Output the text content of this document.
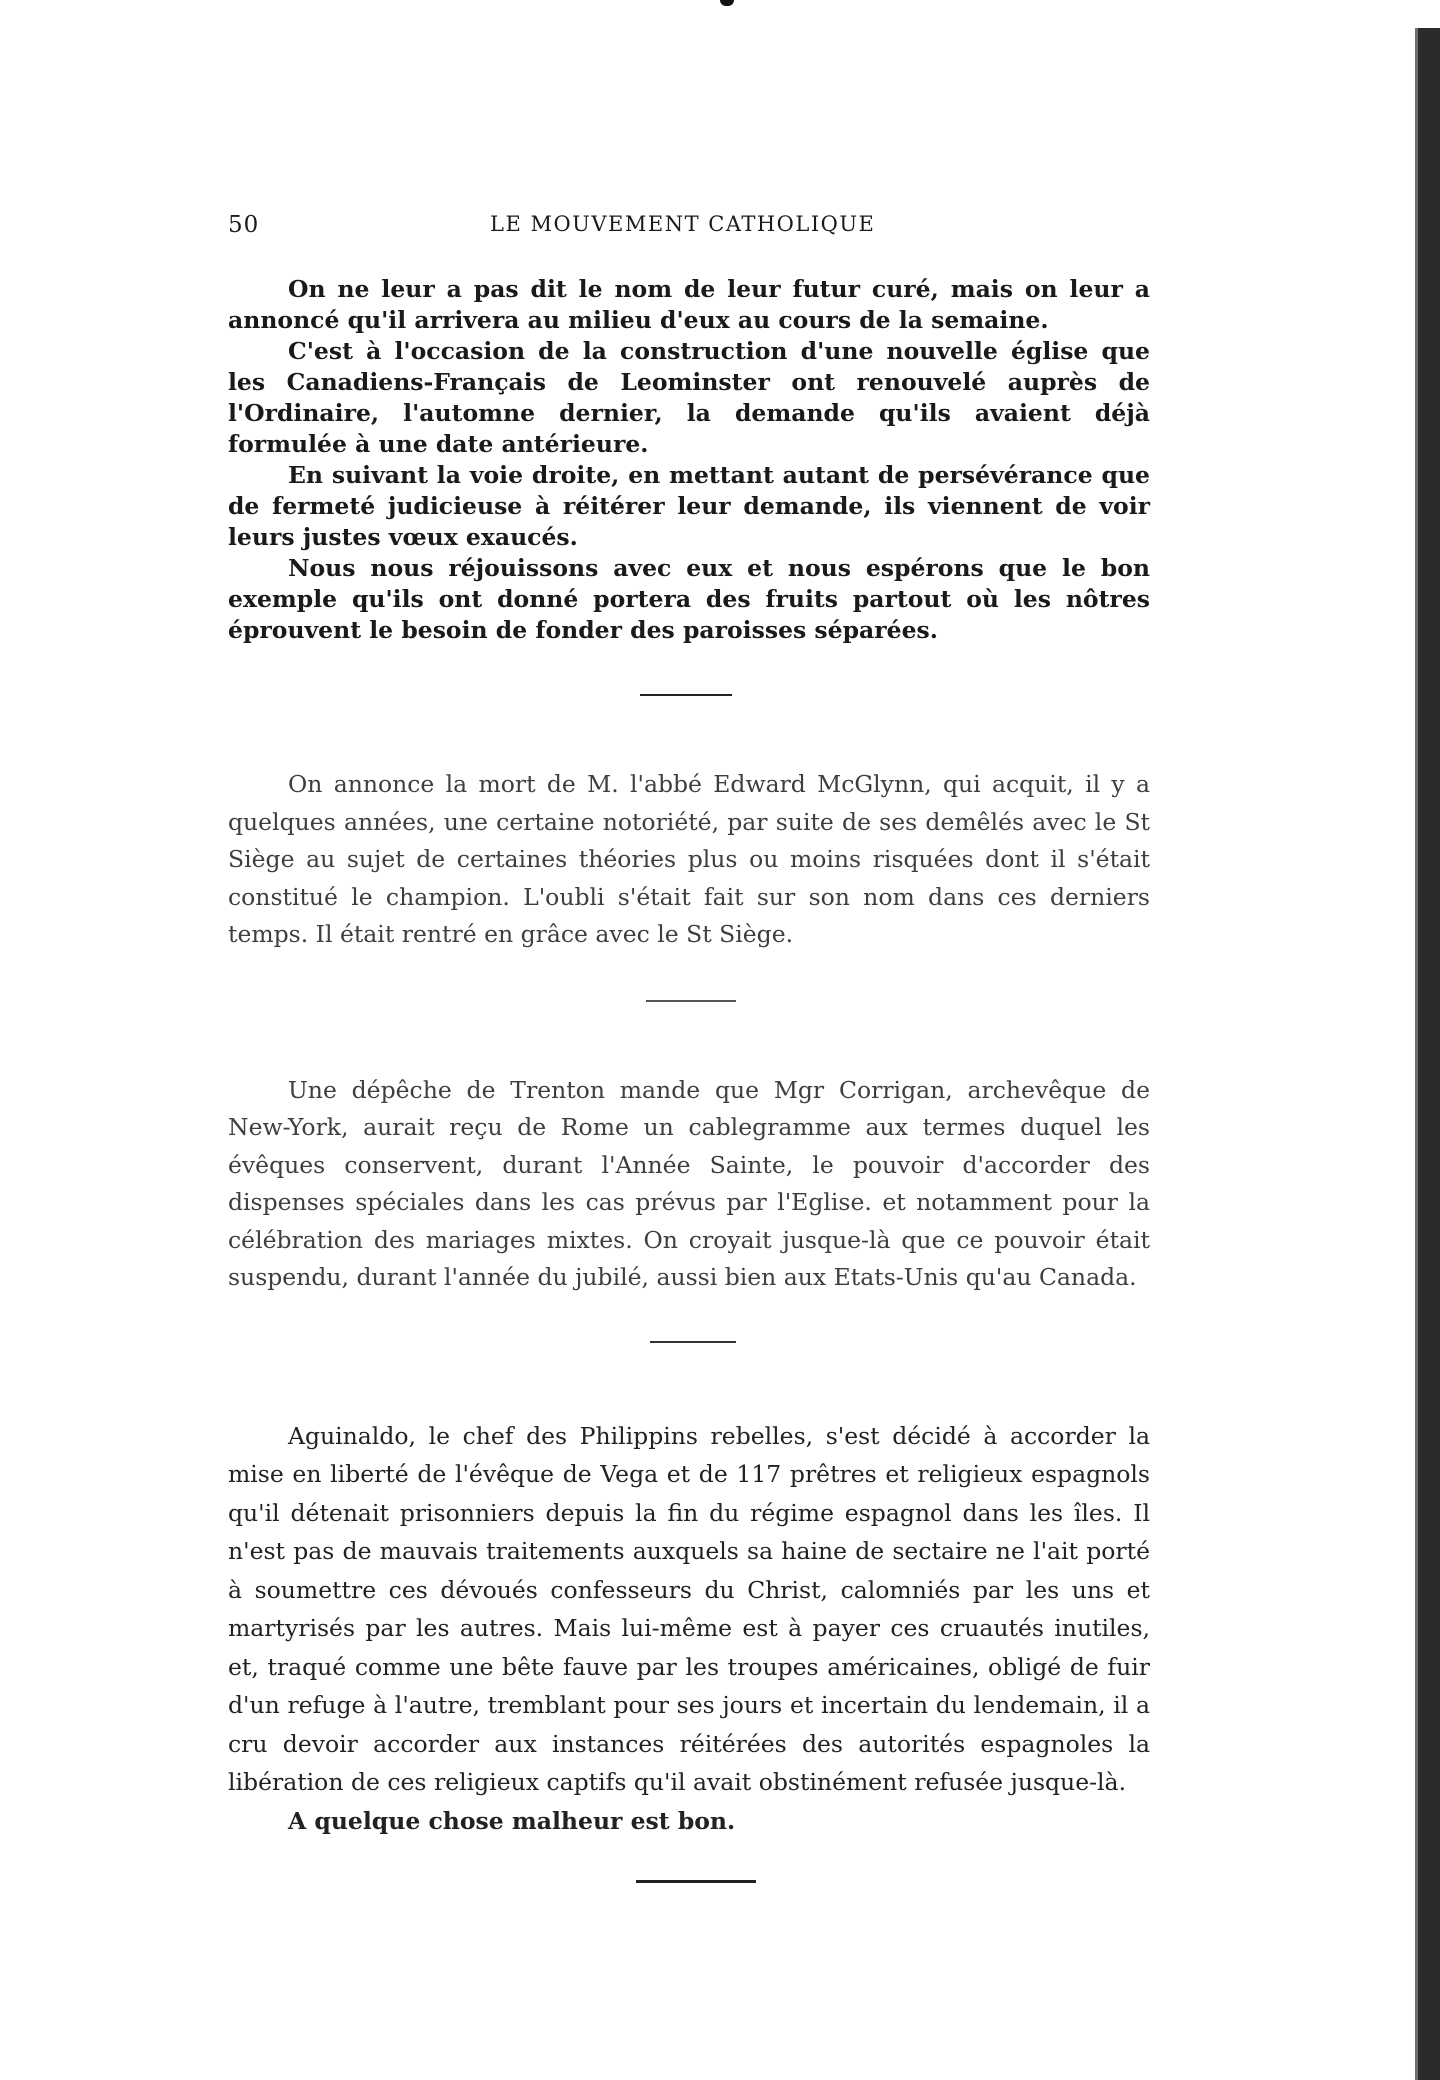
50	LE MOUVEMENT CATHOLIQUE

On ne leur a pas dit le nom de leur futur curé, mais on leur a annoncé qu'il arrivera au milieu d'eux au cours de la semaine.

C'est à l'occasion de la construction d'une nouvelle église que les Canadiens-Français de Leominster ont renouvelé auprès de l'Ordinaire, l'automne dernier, la demande qu'ils avaient déjà formulée à une date antérieure.

En suivant la voie droite, en mettant autant de persévérance que de fermeté judicieuse à réitérer leur demande, ils viennent de voir leurs justes vœux exaucés.

Nous nous réjouissons avec eux et nous espérons que le bon exemple qu'ils ont donné portera des fruits partout où les nôtres éprouvent le besoin de fonder des paroisses séparées.

On annonce la mort de M. l'abbé Edward McGlynn, qui acquit, il y a quelques années, une certaine notoriété, par suite de ses demêlés avec le St Siège au sujet de certaines théories plus ou moins risquées dont il s'était constitué le champion. L'oubli s'était fait sur son nom dans ces derniers temps. Il était rentré en grâce avec le St Siège.

Une dépêche de Trenton mande que Mgr Corrigan, archevêque de New-York, aurait reçu de Rome un cablegramme aux termes duquel les évêques conservent, durant l'Année Sainte, le pouvoir d'accorder des dispenses spéciales dans les cas prévus par l'Eglise. et notamment pour la célébration des mariages mixtes. On croyait jusque-là que ce pouvoir était suspendu, durant l'année du jubilé, aussi bien aux Etats-Unis qu'au Canada.

Aguinaldo, le chef des Philippins rebelles, s'est décidé à accorder la mise en liberté de l'évêque de Vega et de 117 prêtres et religieux espagnols qu'il détenait prisonniers depuis la fin du régime espagnol dans les îles. Il n'est pas de mauvais traitements auxquels sa haine de sectaire ne l'ait porté à soumettre ces dévoués confesseurs du Christ, calomniés par les uns et martyrisés par les autres. Mais lui-même est à payer ces cruautés inutiles, et, traqué comme une bête fauve par les troupes américaines, obligé de fuir d'un refuge à l'autre, tremblant pour ses jours et incertain du lendemain, il a cru devoir accorder aux instances réitérées des autorités espagnoles la libération de ces religieux captifs qu'il avait obstinément refusée jusque-là.

A quelque chose malheur est bon.
